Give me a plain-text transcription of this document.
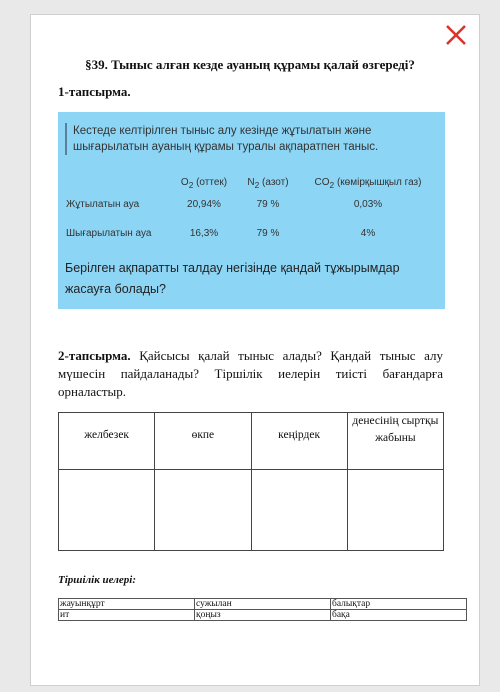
§39. Тыныс алған кезде ауаның құрамы қалай өзгереді?
1-тапсырма.
Кестеде келтірілген тыныс алу кезінде жұтылатын және шығарылатын ауаның құрамы туралы ақпаратпен таныс.
	$O_2$ (оттек)	$N_2$ (азот)	$CO_2$ (көмірқышқыл газ)
Жұтылатын ауа	20,94%	79 %	0,03%
Шығарылатын ауа	16,3%	79 %	4%
Берілген ақпаратты талдау негізінде қандай тұжырымдар жасауға болады?
2-тапсырма. Қайсысы қалай тыныс алады? Қандай тыныс алу мүшесін пайдаланады? Тіршілік иелерін тиісті бағандарға орналастыр.
желбезек	өкпе	кеңірдек	денесінің сыртқы жабыны

Тіршілік иелері:
жауынқұрт	сужылан	балықтар
ит	қоңыз	бақа
